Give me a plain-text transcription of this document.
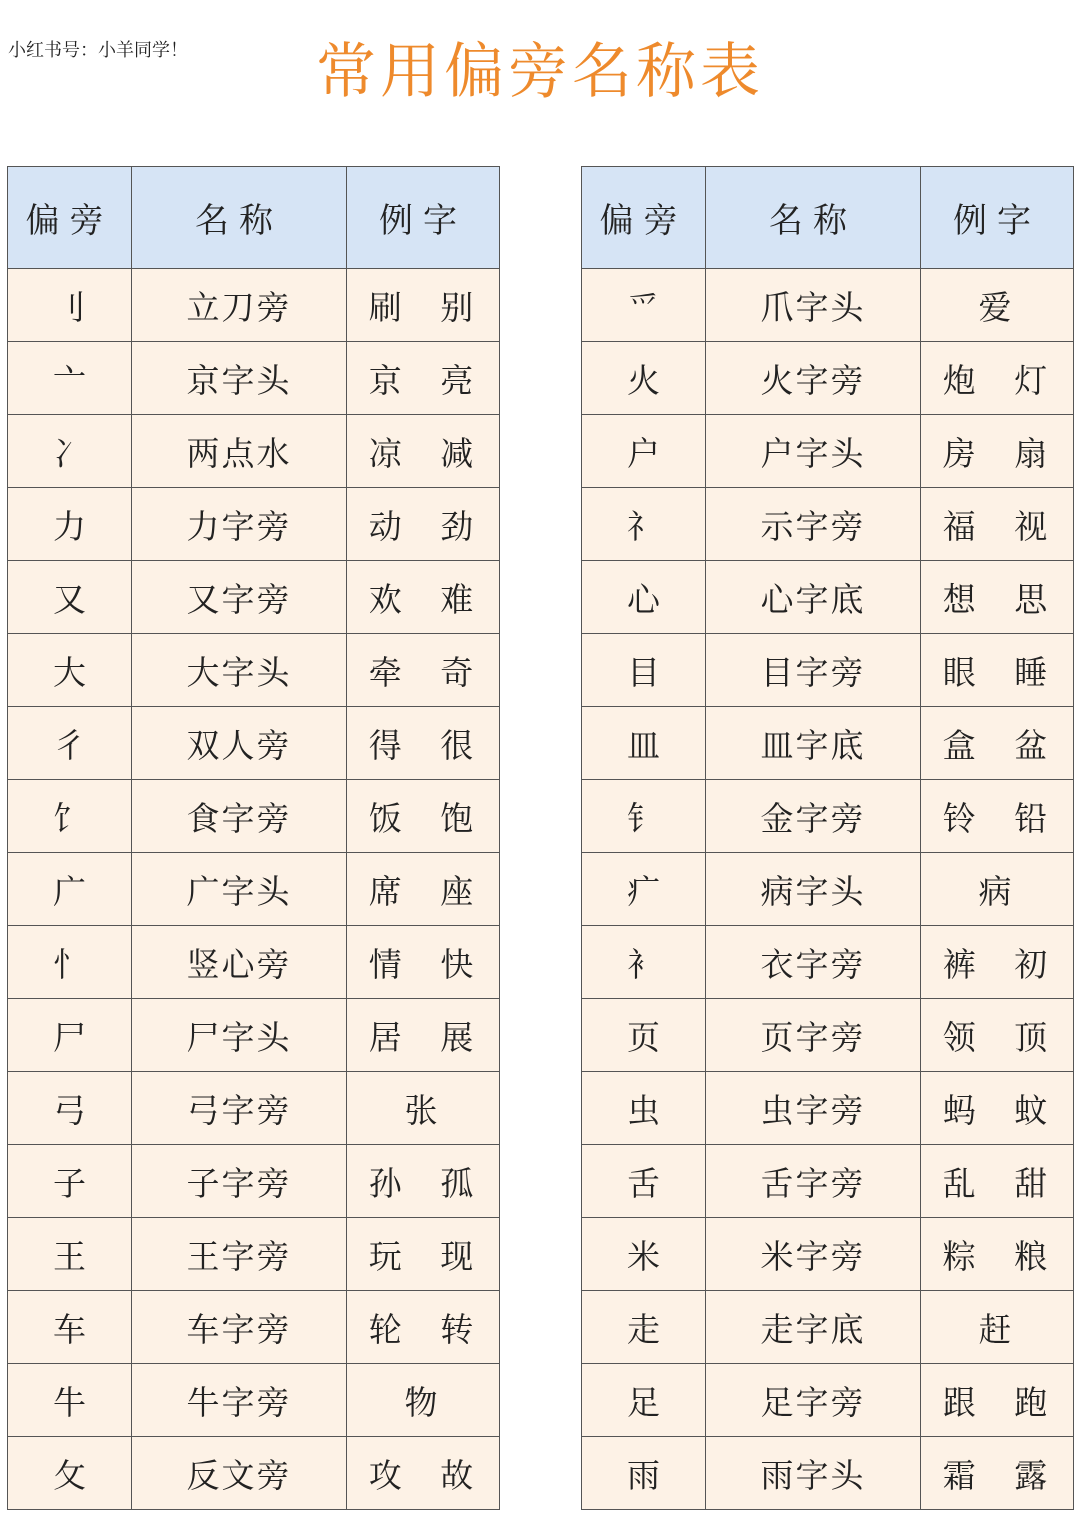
小红书号：小羊同学！	常用偏旁名称表
偏旁	名称	例字
刂	立刀旁	刷 别
亠	京字头	京 亮
冫	两点水	凉 减
力	力字旁	动 劲
又	又字旁	欢 难
大	大字头	牵 奇
彳	双人旁	得 很
饣	食字旁	饭 饱
广	广字头	席 座
忄	竖心旁	情 快
尸	尸字头	居 展
弓	弓字旁	张
子	子字旁	孙 孤
王	王字旁	玩 现
车	车字旁	轮 转
牛	牛字旁	物
攵	反文旁	攻 故
偏旁	名称	例字
爫	爪字头	爱
火	火字旁	炮 灯
户	户字头	房 扇
礻	示字旁	福 视
心	心字底	想 思
目	目字旁	眼 睡
皿	皿字底	盒 盆
钅	金字旁	铃 铅
疒	病字头	病
衤	衣字旁	裤 初
页	页字旁	领 顶
虫	虫字旁	蚂 蚊
舌	舌字旁	乱 甜
米	米字旁	粽 粮
走	走字底	赶
足	足字旁	跟 跑
雨	雨字头	霜 露
